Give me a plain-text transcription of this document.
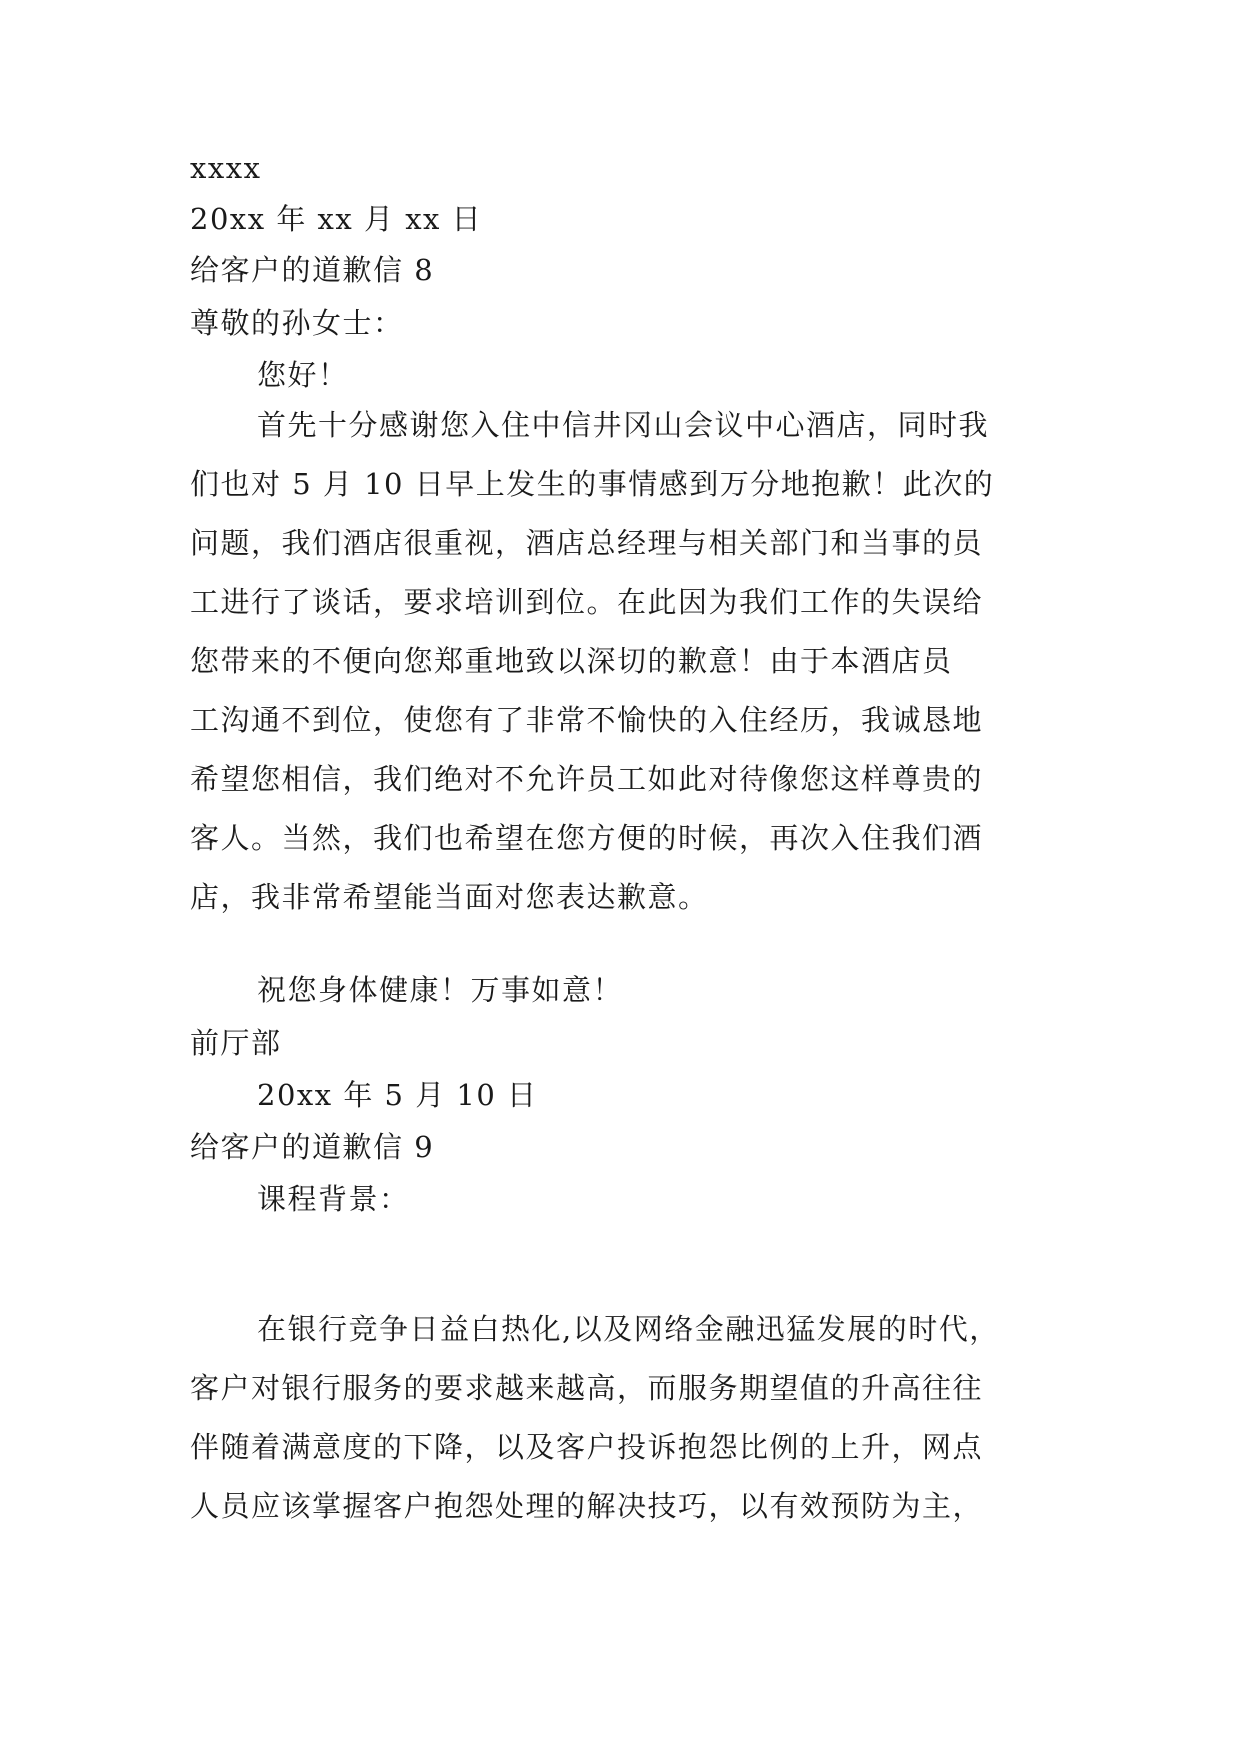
xxxx
20xx 年 xx 月 xx 日
给客户的道歉信 8
尊敬的孙女士：
您好！
首先十分感谢您入住中信井冈山会议中心酒店，同时我
们也对 5 月 10 日早上发生的事情感到万分地抱歉！此次的
问题，我们酒店很重视，酒店总经理与相关部门和当事的员
工进行了谈话，要求培训到位。在此因为我们工作的失误给
您带来的不便向您郑重地致以深切的歉意！由于本酒店员
工沟通不到位，使您有了非常不愉快的入住经历，我诚恳地
希望您相信，我们绝对不允许员工如此对待像您这样尊贵的
客人。当然，我们也希望在您方便的时候，再次入住我们酒
店，我非常希望能当面对您表达歉意。
祝您身体健康！万事如意！
前厅部
20xx 年 5 月 10 日
给客户的道歉信 9
课程背景：
在银行竞争日益白热化,以及网络金融迅猛发展的时代，
客户对银行服务的要求越来越高，而服务期望值的升高往往
伴随着满意度的下降，以及客户投诉抱怨比例的上升，网点
人员应该掌握客户抱怨处理的解决技巧，以有效预防为主，
